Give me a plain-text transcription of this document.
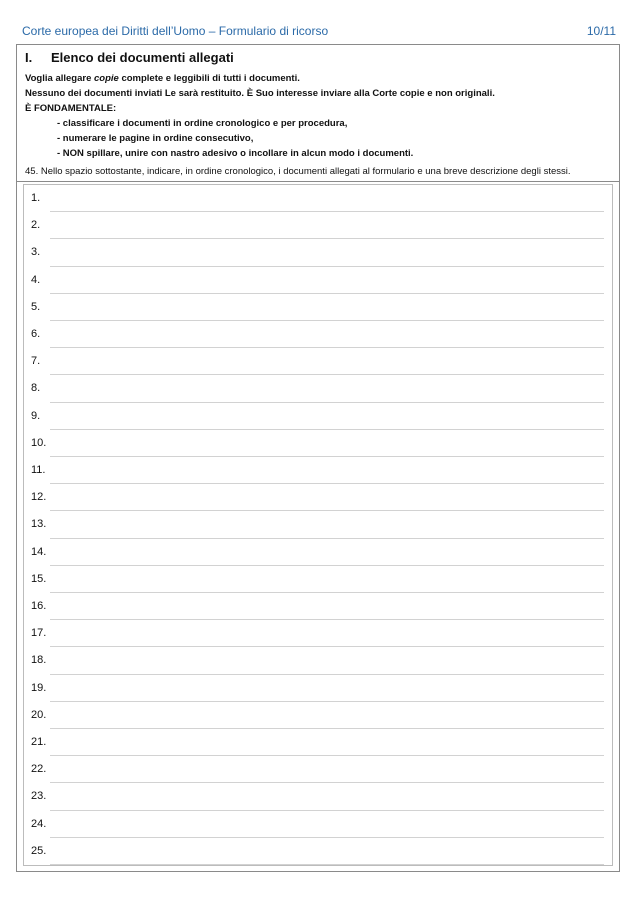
Corte europea dei Diritti dell’Uomo – Formulario di ricorso	10/11
I. Elenco dei documenti allegati
Voglia allegare copie complete e leggibili di tutti i documenti.
Nessuno dei documenti inviati Le sarà restituito. È Suo interesse inviare alla Corte copie e non originali.
È FONDAMENTALE:
- classificare i documenti in ordine cronologico e per procedura,
- numerare le pagine in ordine consecutivo,
- NON spillare, unire con nastro adesivo o incollare in alcun modo i documenti.
45. Nello spazio sottostante, indicare, in ordine cronologico, i documenti allegati al formulario e una breve descrizione degli stessi.
1.
2.
3.
4.
5.
6.
7.
8.
9.
10.
11.
12.
13.
14.
15.
16.
17.
18.
19.
20.
21.
22.
23.
24.
25.
